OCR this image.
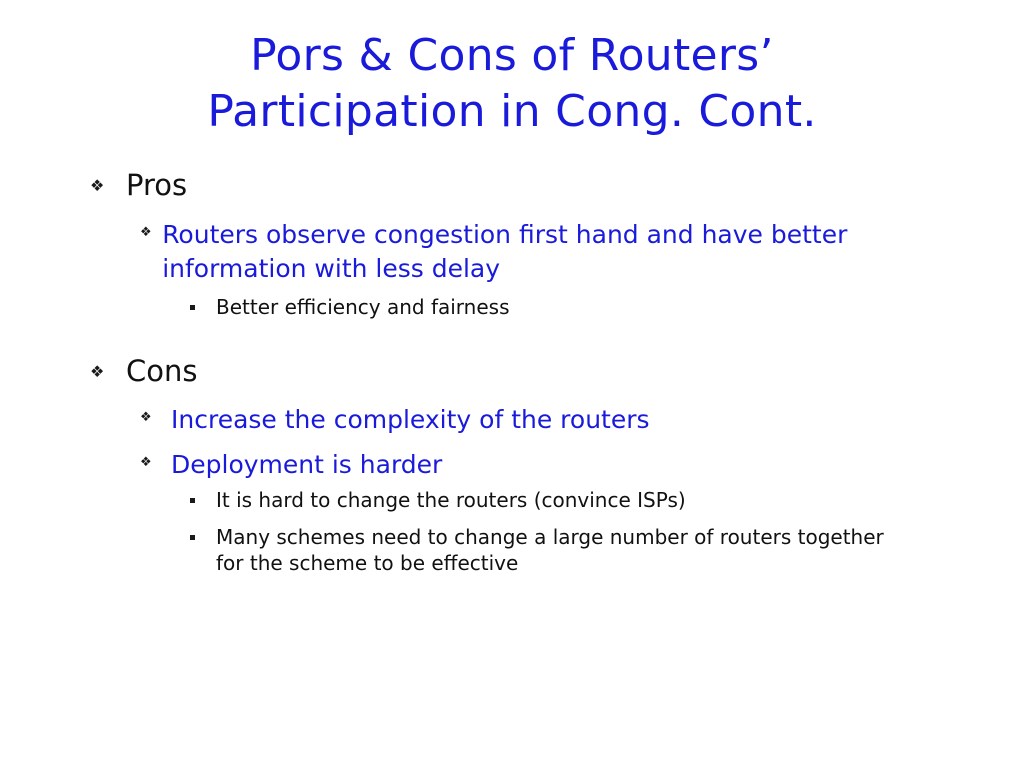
Pors & Cons of Routers’
Participation in Cong. Cont.
❖ Pros
❖ Routers observe congestion first hand and have better information with less delay
Better efficiency and fairness
❖ Cons
❖ Increase the complexity of the routers
❖ Deployment is harder
It is hard to change the routers (convince ISPs)
Many schemes need to change a large number of routers together for the scheme to be effective
